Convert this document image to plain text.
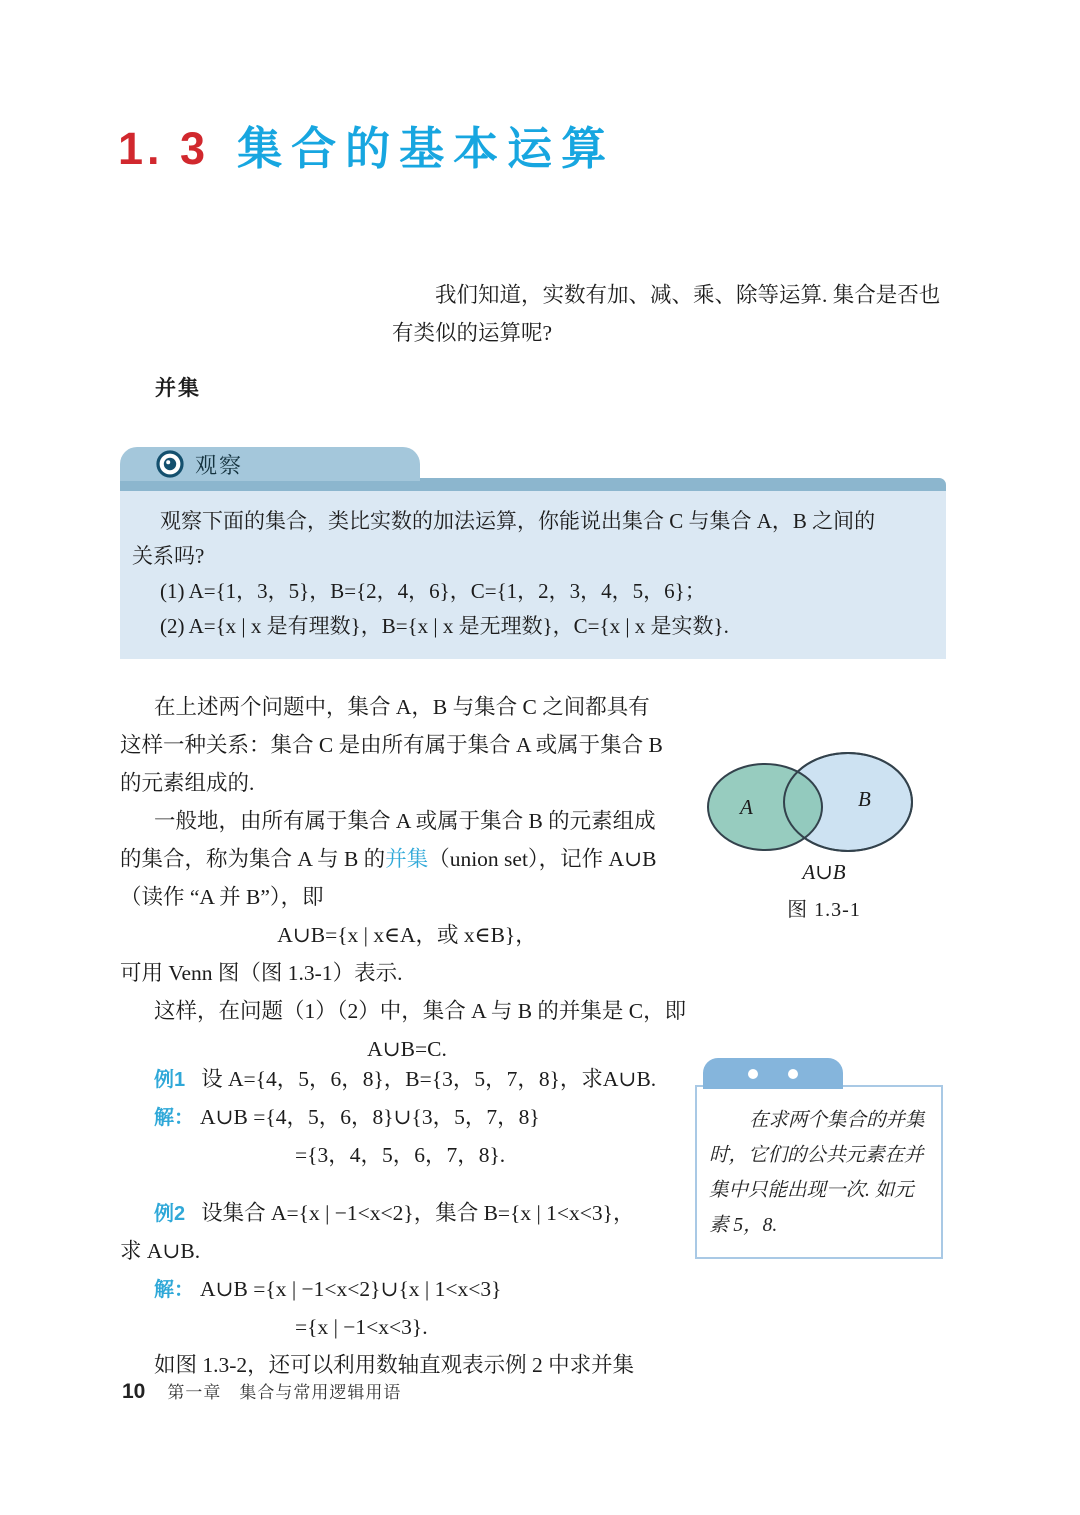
1. 3 集合的基本运算
我们知道，实数有加、减、乘、除等运算. 集合是否也
有类似的运算呢?
并集
观察
观察下面的集合，类比实数的加法运算，你能说出集合 C 与集合 A，B 之间的
关系吗?
(1) A={1，3，5}，B={2，4，6}，C={1，2，3，4，5，6}；
(2) A={x | x 是有理数}，B={x | x 是无理数}，C={x | x 是实数}.
在上述两个问题中，集合 A，B 与集合 C 之间都具有
这样一种关系：集合 C 是由所有属于集合 A 或属于集合 B
的元素组成的.
一般地，由所有属于集合 A 或属于集合 B 的元素组成
的集合，称为集合 A 与 B 的并集（union set），记作 A∪B
（读作 “A 并 B”），即
A∪B={x | x∈A，或 x∈B}，
可用 Venn 图（图 1.3-1）表示.
这样，在问题（1）（2）中，集合 A 与 B 的并集是 C，即
A∪B=C.
A	B
A∪B
图 1.3-1
例1 设 A={4，5，6，8}，B={3，5，7，8}，求A∪B.
解： A∪B ={4，5，6，8}∪{3，5，7，8}
={3，4，5，6，7，8}.
在求两个集合的并集
时，它们的公共元素在并
集中只能出现一次. 如元
素 5，8.
例2 设集合 A={x | −1<x<2}，集合 B={x | 1<x<3}，
求 A∪B.
解： A∪B ={x | −1<x<2}∪{x | 1<x<3}
={x | −1<x<3}.
如图 1.3-2，还可以利用数轴直观表示例 2 中求并集
10 第一章　集合与常用逻辑用语
